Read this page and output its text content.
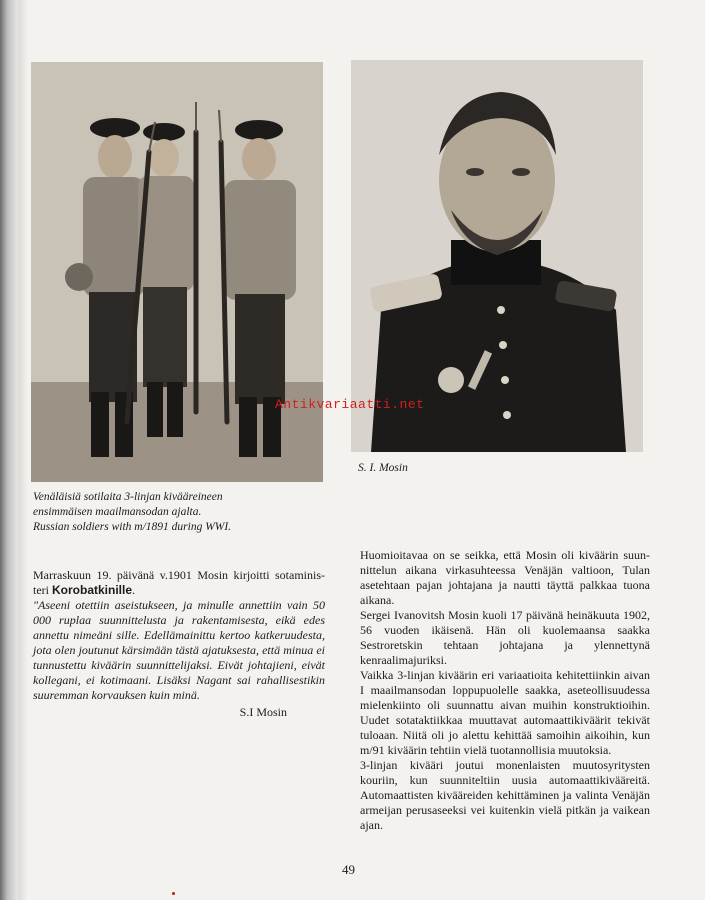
Antikvariaatti.net
Venäläisiä sotilaita 3-linjan kivääreineen
ensimmäisen maailmansodan ajalta.
Russian soldiers with m/1891 during WWI.
S. I. Mosin

Marraskuun 19. päivänä v.1901 Mosin kirjoitti sotaminis-teri Korobatkinille.

"Aseeni otettiin aseistukseen, ja minulle annettiin vain 50 000 ruplaa suunnittelusta ja rakentamisesta, eikä edes annettu nimeäni sille. Edellämainittu kertoo katkeruudesta, jota olen joutunut kärsimään tästä ajatuksesta, että minua ei tunnustettu kiväärin suunnittelijaksi. Eivät johtajieni, eivät kollegani, ei kotimaani. Lisäksi Nagant sai rahallisestikin suuremman korvauksen kuin minä.

S.I Mosin

Huomioitavaa on se seikka, että Mosin oli kiväärin suun-nittelun aikana virkasuhteessa Venäjän valtioon, Tulan asetehtaan pajan johtajana ja nautti täyttä palkkaa tuona aikana.

Sergei Ivanovitsh Mosin kuoli 17 päivänä heinäkuuta 1902, 56 vuoden ikäisenä. Hän oli kuolemaansa saakka Sestroretskin tehtaan johtajana ja ylennettynä kenraalimajuriksi.

Vaikka 3-linjan kiväärin eri variaatioita kehitettiinkin aivan I maailmansodan loppupuolelle saakka, aseteollisuudessa mielenkiinto oli suunnattu aivan muihin konstruktioihin. Uudet sotataktiikkaa muuttavat automaattikiväärit tekivät tuloaan. Niitä oli jo alettu kehittää samoihin aikoihin, kun m/91 kiväärin tehtiin vielä tuotannollisia muutoksia.

3-linjan kivääri joutui monenlaisten muutosyritysten kouriin, kun suunniteltiin uusia automaattikivääreitä. Automaattisten kivääreiden kehittäminen ja valinta Venäjän armeijan perusaseeksi vei kuitenkin vielä pitkän ja vaikean ajan.

49
